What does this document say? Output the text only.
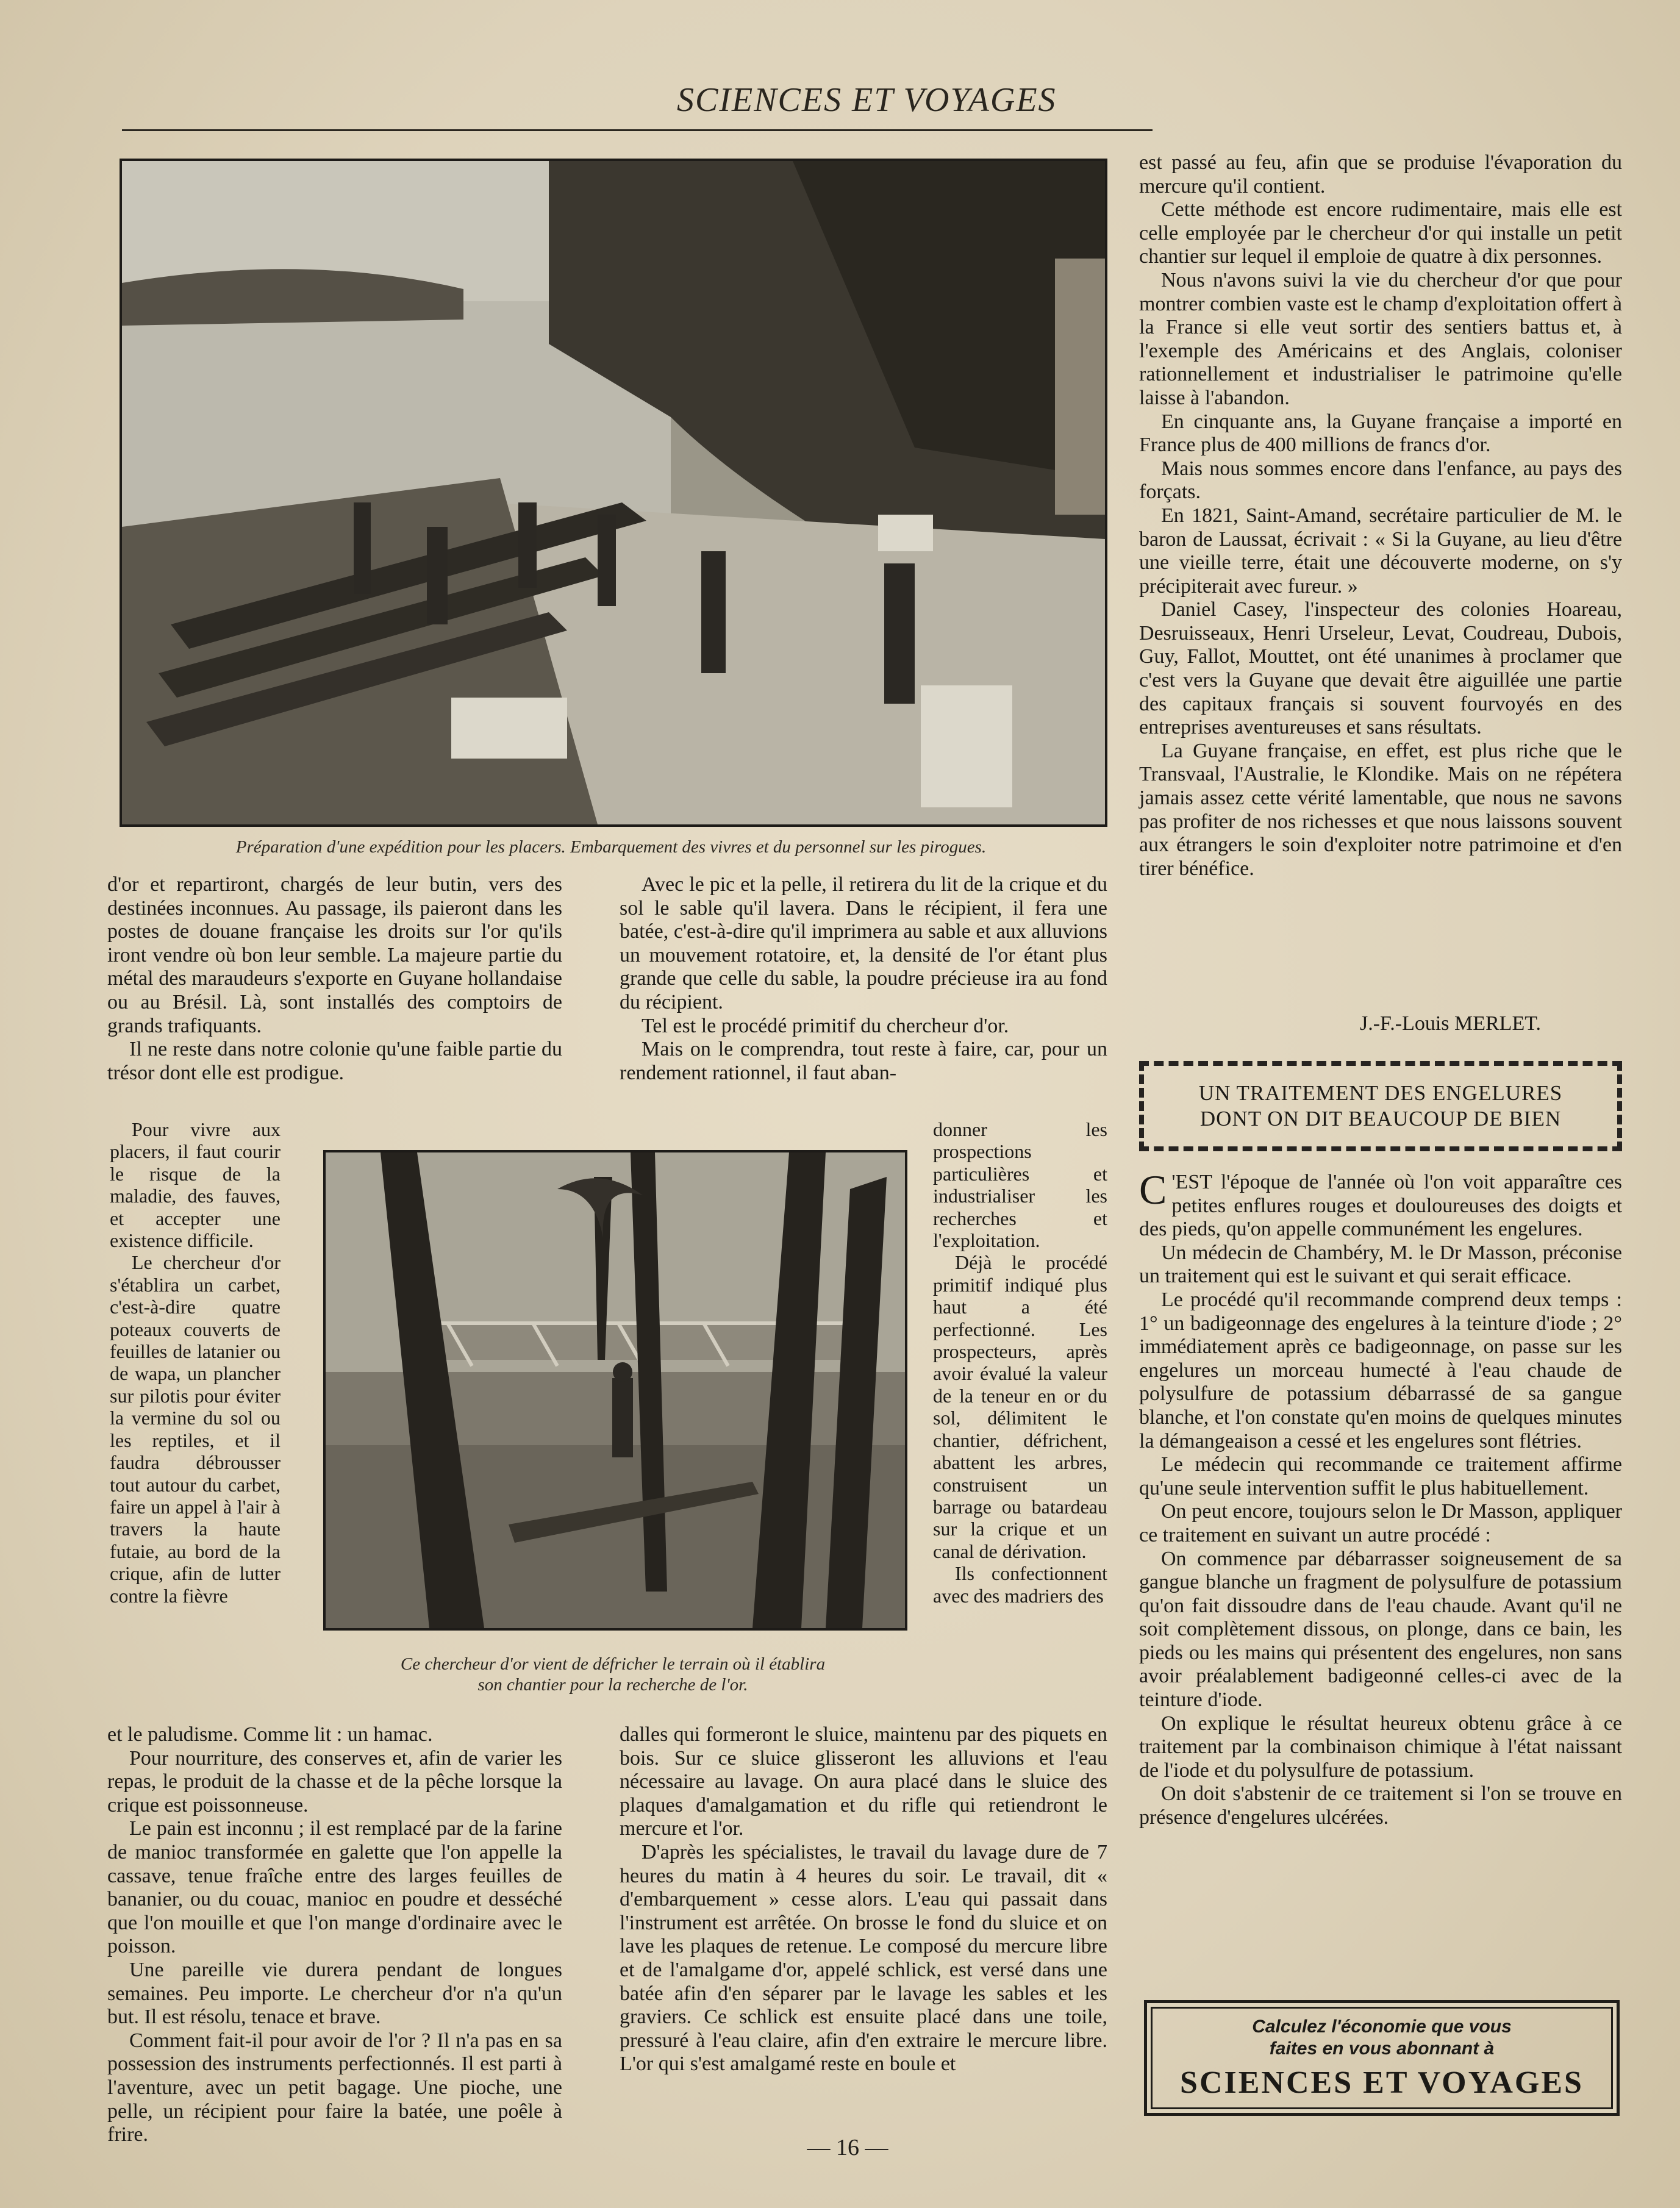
SCIENCES ET VOYAGES
Préparation d'une expédition pour les placers. Embarquement des vivres et du personnel sur les pirogues.

d'or et repartiront, chargés de leur butin, vers des destinées inconnues. Au passage, ils paieront dans les postes de douane française les droits sur l'or qu'ils iront vendre où bon leur semble. La majeure partie du métal des maraudeurs s'exporte en Guyane hollandaise ou au Brésil. Là, sont installés des comptoirs de grands trafiquants.

Il ne reste dans notre colonie qu'une faible partie du trésor dont elle est prodigue.

Avec le pic et la pelle, il retirera du lit de la crique et du sol le sable qu'il lavera. Dans le récipient, il fera une batée, c'est-à-dire qu'il imprimera au sable et aux alluvions un mouvement rotatoire, et, la densité de l'or étant plus grande que celle du sable, la poudre précieuse ira au fond du récipient.

Tel est le procédé primitif du chercheur d'or.

Mais on le comprendra, tout reste à faire, car, pour un rendement rationnel, il faut aban-

Ce chercheur d'or vient de défricher le terrain où il établira
son chantier pour la recherche de l'or.

Pour vivre aux placers, il faut courir le risque de la maladie, des fauves, et accepter une existence difficile.

Le chercheur d'or s'établira un carbet, c'est-à-dire quatre poteaux couverts de feuilles de latanier ou de wapa, un plancher sur pilotis pour éviter la vermine du sol ou les reptiles, et il faudra débrousser tout autour du carbet, faire un appel à l'air à travers la haute futaie, au bord de la crique, afin de lutter contre la fièvre

donner les prospections particulières et industrialiser les recherches et l'exploitation.

Déjà le procédé primitif indiqué plus haut a été perfectionné. Les prospecteurs, après avoir évalué la valeur de la teneur en or du sol, délimitent le chantier, défrichent, abattent les arbres, construisent un barrage ou batardeau sur la crique et un canal de dérivation.

Ils confectionnent avec des madriers des

et le paludisme. Comme lit : un hamac.

Pour nourriture, des conserves et, afin de varier les repas, le produit de la chasse et de la pêche lorsque la crique est poissonneuse.

Le pain est inconnu ; il est remplacé par de la farine de manioc transformée en galette que l'on appelle la cassave, tenue fraîche entre des larges feuilles de bananier, ou du couac, manioc en poudre et desséché que l'on mouille et que l'on mange d'ordinaire avec le poisson.

Une pareille vie durera pendant de longues semaines. Peu importe. Le chercheur d'or n'a qu'un but. Il est résolu, tenace et brave.

Comment fait-il pour avoir de l'or ? Il n'a pas en sa possession des instruments perfectionnés. Il est parti à l'aventure, avec un petit bagage. Une pioche, une pelle, un récipient pour faire la batée, une poêle à frire.

dalles qui formeront le sluice, maintenu par des piquets en bois. Sur ce sluice glisseront les alluvions et l'eau nécessaire au lavage. On aura placé dans le sluice des plaques d'amalgamation et du rifle qui retiendront le mercure et l'or.

D'après les spécialistes, le travail du lavage dure de 7 heures du matin à 4 heures du soir. Le travail, dit « d'embarquement » cesse alors. L'eau qui passait dans l'instrument est arrêtée. On brosse le fond du sluice et on lave les plaques de retenue. Le composé du mercure libre et de l'amalgame d'or, appelé schlick, est versé dans une batée afin d'en séparer par le lavage les sables et les graviers. Ce schlick est ensuite placé dans une toile, pressuré à l'eau claire, afin d'en extraire le mercure libre. L'or qui s'est amalgamé reste en boule et

est passé au feu, afin que se produise l'évaporation du mercure qu'il contient.

Cette méthode est encore rudimentaire, mais elle est celle employée par le chercheur d'or qui installe un petit chantier sur lequel il emploie de quatre à dix personnes.

Nous n'avons suivi la vie du chercheur d'or que pour montrer combien vaste est le champ d'exploitation offert à la France si elle veut sortir des sentiers battus et, à l'exemple des Américains et des Anglais, coloniser rationnellement et industrialiser le patrimoine qu'elle laisse à l'abandon.

En cinquante ans, la Guyane française a importé en France plus de 400 millions de francs d'or.

Mais nous sommes encore dans l'enfance, au pays des forçats.

En 1821, Saint-Amand, secrétaire particulier de M. le baron de Laussat, écrivait : « Si la Guyane, au lieu d'être une vieille terre, était une découverte moderne, on s'y précipiterait avec fureur. »

Daniel Casey, l'inspecteur des colonies Hoareau, Desruisseaux, Henri Urseleur, Levat, Coudreau, Dubois, Guy, Fallot, Mouttet, ont été unanimes à proclamer que c'est vers la Guyane que devait être aiguillée une partie des capitaux français si souvent fourvoyés en des entreprises aventureuses et sans résultats.

La Guyane française, en effet, est plus riche que le Transvaal, l'Australie, le Klondike. Mais on ne répétera jamais assez cette vérité lamentable, que nous ne savons pas profiter de nos richesses et que nous laissons souvent aux étrangers le soin d'exploiter notre patrimoine et d'en tirer bénéfice.

J.-F.-Louis MERLET.
UN TRAITEMENT DES ENGELURES
DONT ON DIT BEAUCOUP DE BIEN

C 'EST l'époque de l'année où l'on voit apparaître ces petites enflures rouges et douloureuses des doigts et des pieds, qu'on appelle communément les engelures.

Un médecin de Chambéry, M. le Dr Masson, préconise un traitement qui est le suivant et qui serait efficace.

Le procédé qu'il recommande comprend deux temps : 1° un badigeonnage des engelures à la teinture d'iode ; 2° immédiatement après ce badigeonnage, on passe sur les engelures un morceau humecté à l'eau chaude de polysulfure de potassium débarrassé de sa gangue blanche, et l'on constate qu'en moins de quelques minutes la démangeaison a cessé et les engelures sont flétries.

Le médecin qui recommande ce traitement affirme qu'une seule intervention suffit le plus habituellement.

On peut encore, toujours selon le Dr Masson, appliquer ce traitement en suivant un autre procédé :

On commence par débarrasser soigneusement de sa gangue blanche un fragment de polysulfure de potassium qu'on fait dissoudre dans de l'eau chaude. Avant qu'il ne soit complètement dissous, on plonge, dans ce bain, les pieds ou les mains qui présentent des engelures, non sans avoir préalablement badigeonné celles-ci avec de la teinture d'iode.

On explique le résultat heureux obtenu grâce à ce traitement par la combinaison chimique à l'état naissant de l'iode et du polysulfure de potassium.

On doit s'abstenir de ce traitement si l'on se trouve en présence d'engelures ulcérées.

Calculez l'économie que vous
faites en vous abonnant à
SCIENCES ET VOYAGES
— 16 —
